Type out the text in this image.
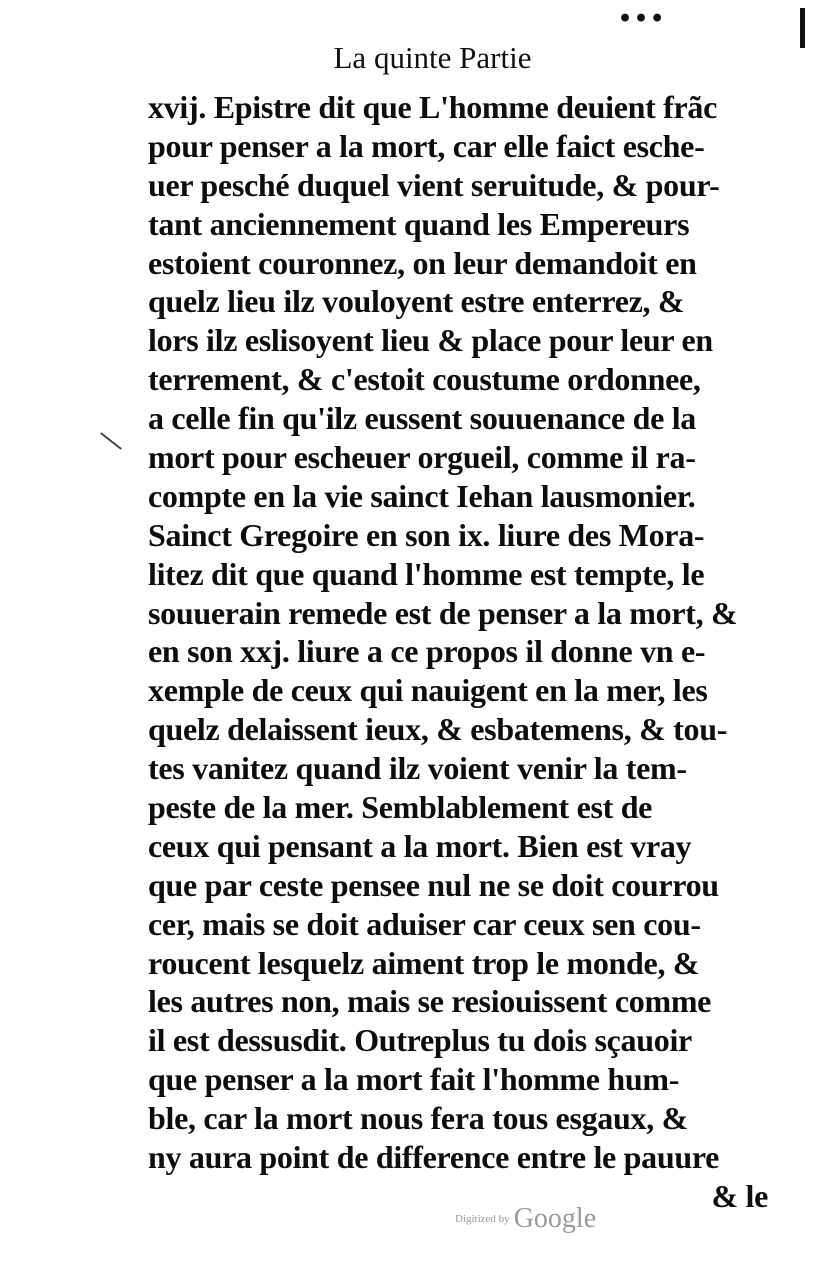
•••
La quinte Partie
xvij. Epistre dit que L'homme deuient frãc
pour penser a la mort, car elle faict esche-
uer pesché duquel vient seruitude, & pour-
tant anciennement quand les Empereurs
estoient couronnez, on leur demandoit en
quelz lieu ilz vouloyent estre enterrez, &
lors ilz eslisoyent lieu & place pour leur en
terrement, & c'estoit coustume ordonnee,
a celle fin qu'ilz eussent souuenance de la
mort pour escheuer orgueil, comme il ra-
compte en la vie sainct Iehan lausmonier.
Sainct Gregoire en son ix. liure des Mora-
litez dit que quand l'homme est tempte, le
souuerain remede est de penser a la mort, &
en son xxj. liure a ce propos il donne vn e-
xemple de ceux qui nauigent en la mer, les
quelz delaissent ieux, & esbatemens, & tou-
tes vanitez quand ilz voient venir la tem-
peste de la mer. Semblablement est de
ceux qui pensant a la mort. Bien est vray
que par ceste pensee nul ne se doit courrou
cer, mais se doit aduiser car ceux sen cou-
roucent lesquelz aiment trop le monde, &
les autres non, mais se resiouissent comme
il est dessusdit. Outreplus tu dois sçauoir
que penser a la mort fait l'homme hum-
ble, car la mort nous fera tous esgaux, &
ny aura point de difference entre le pauure
& le
Digitized by Google
